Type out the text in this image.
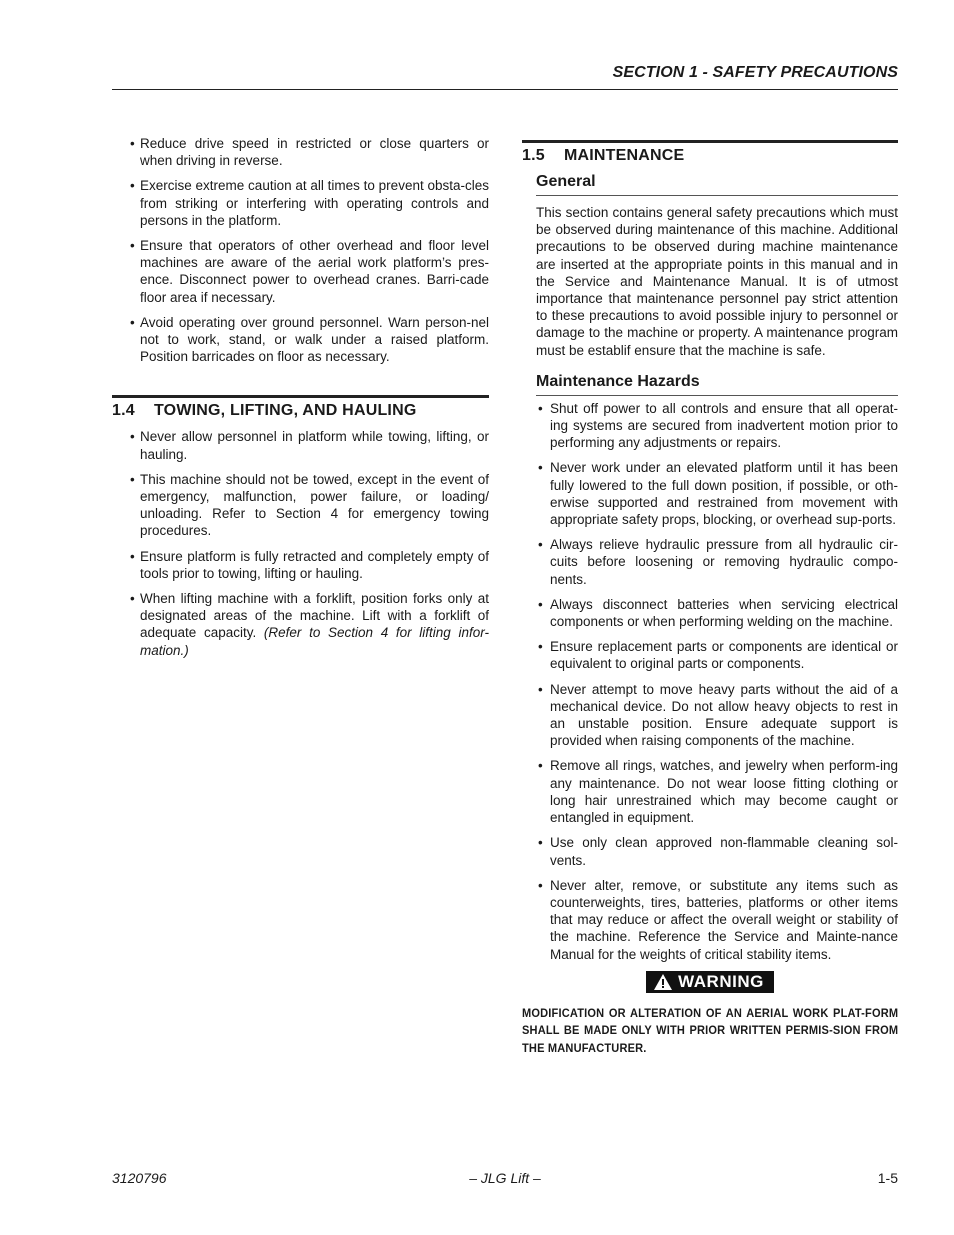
SECTION 1 - SAFETY PRECAUTIONS
• Reduce drive speed in restricted or close quarters or when driving in reverse.
• Exercise extreme caution at all times to prevent obsta-cles from striking or interfering with operating controls and persons in the platform.
• Ensure that operators of other overhead and floor level machines are aware of the aerial work platform’s pres-ence. Disconnect power to overhead cranes. Barri-cade floor area if necessary.
• Avoid operating over ground personnel. Warn person-nel not to work, stand, or walk under a raised platform. Position barricades on floor as necessary.
1.4	TOWING, LIFTING, AND HAULING
• Never allow personnel in platform while towing, lifting, or hauling.
• This machine should not be towed, except in the event of emergency, malfunction, power failure, or loading/ unloading. Refer to Section 4 for emergency towing procedures.
• Ensure platform is fully retracted and completely empty of tools prior to towing, lifting or hauling.
• When lifting machine with a forklift, position forks only at designated areas of the machine. Lift with a forklift of adequate capacity. (Refer to Section 4 for lifting infor-mation.)
1.5	MAINTENANCE
General
This section contains general safety precautions which must be observed during maintenance of this machine. Additional precautions to be observed during machine maintenance are inserted at the appropriate points in this manual and in the Service and Maintenance Manual. It is of utmost importance that maintenance personnel pay strict attention to these precautions to avoid possible injury to personnel or damage to the machine or property. A maintenance program must be establif ensure that the machine is safe.
Maintenance Hazards
• Shut off power to all controls and ensure that all operat-ing systems are secured from inadvertent motion prior to performing any adjustments or repairs.
• Never work under an elevated platform until it has been fully lowered to the full down position, if possible, or oth-erwise supported and restrained from movement with appropriate safety props, blocking, or overhead sup-ports.
• Always relieve hydraulic pressure from all hydraulic cir-cuits before loosening or removing hydraulic compo-nents.
• Always disconnect batteries when servicing electrical components or when performing welding on the machine.
• Ensure replacement parts or components are identical or equivalent to original parts or components.
• Never attempt to move heavy parts without the aid of a mechanical device. Do not allow heavy objects to rest in an unstable position. Ensure adequate support is provided when raising components of the machine.
• Remove all rings, watches, and jewelry when perform-ing any maintenance. Do not wear loose fitting clothing or long hair unrestrained which may become caught or entangled in equipment.
• Use only clean approved non-flammable cleaning sol-vents.
• Never alter, remove, or substitute any items such as counterweights, tires, batteries, platforms or other items that may reduce or affect the overall weight or stability of the machine. Reference the Service and Mainte-nance Manual for the weights of critical stability items.
WARNING
MODIFICATION OR ALTERATION OF AN AERIAL WORK PLAT-FORM SHALL BE MADE ONLY WITH PRIOR WRITTEN PERMIS-SION FROM THE MANUFACTURER.
3120796	– JLG Lift –	1-5
